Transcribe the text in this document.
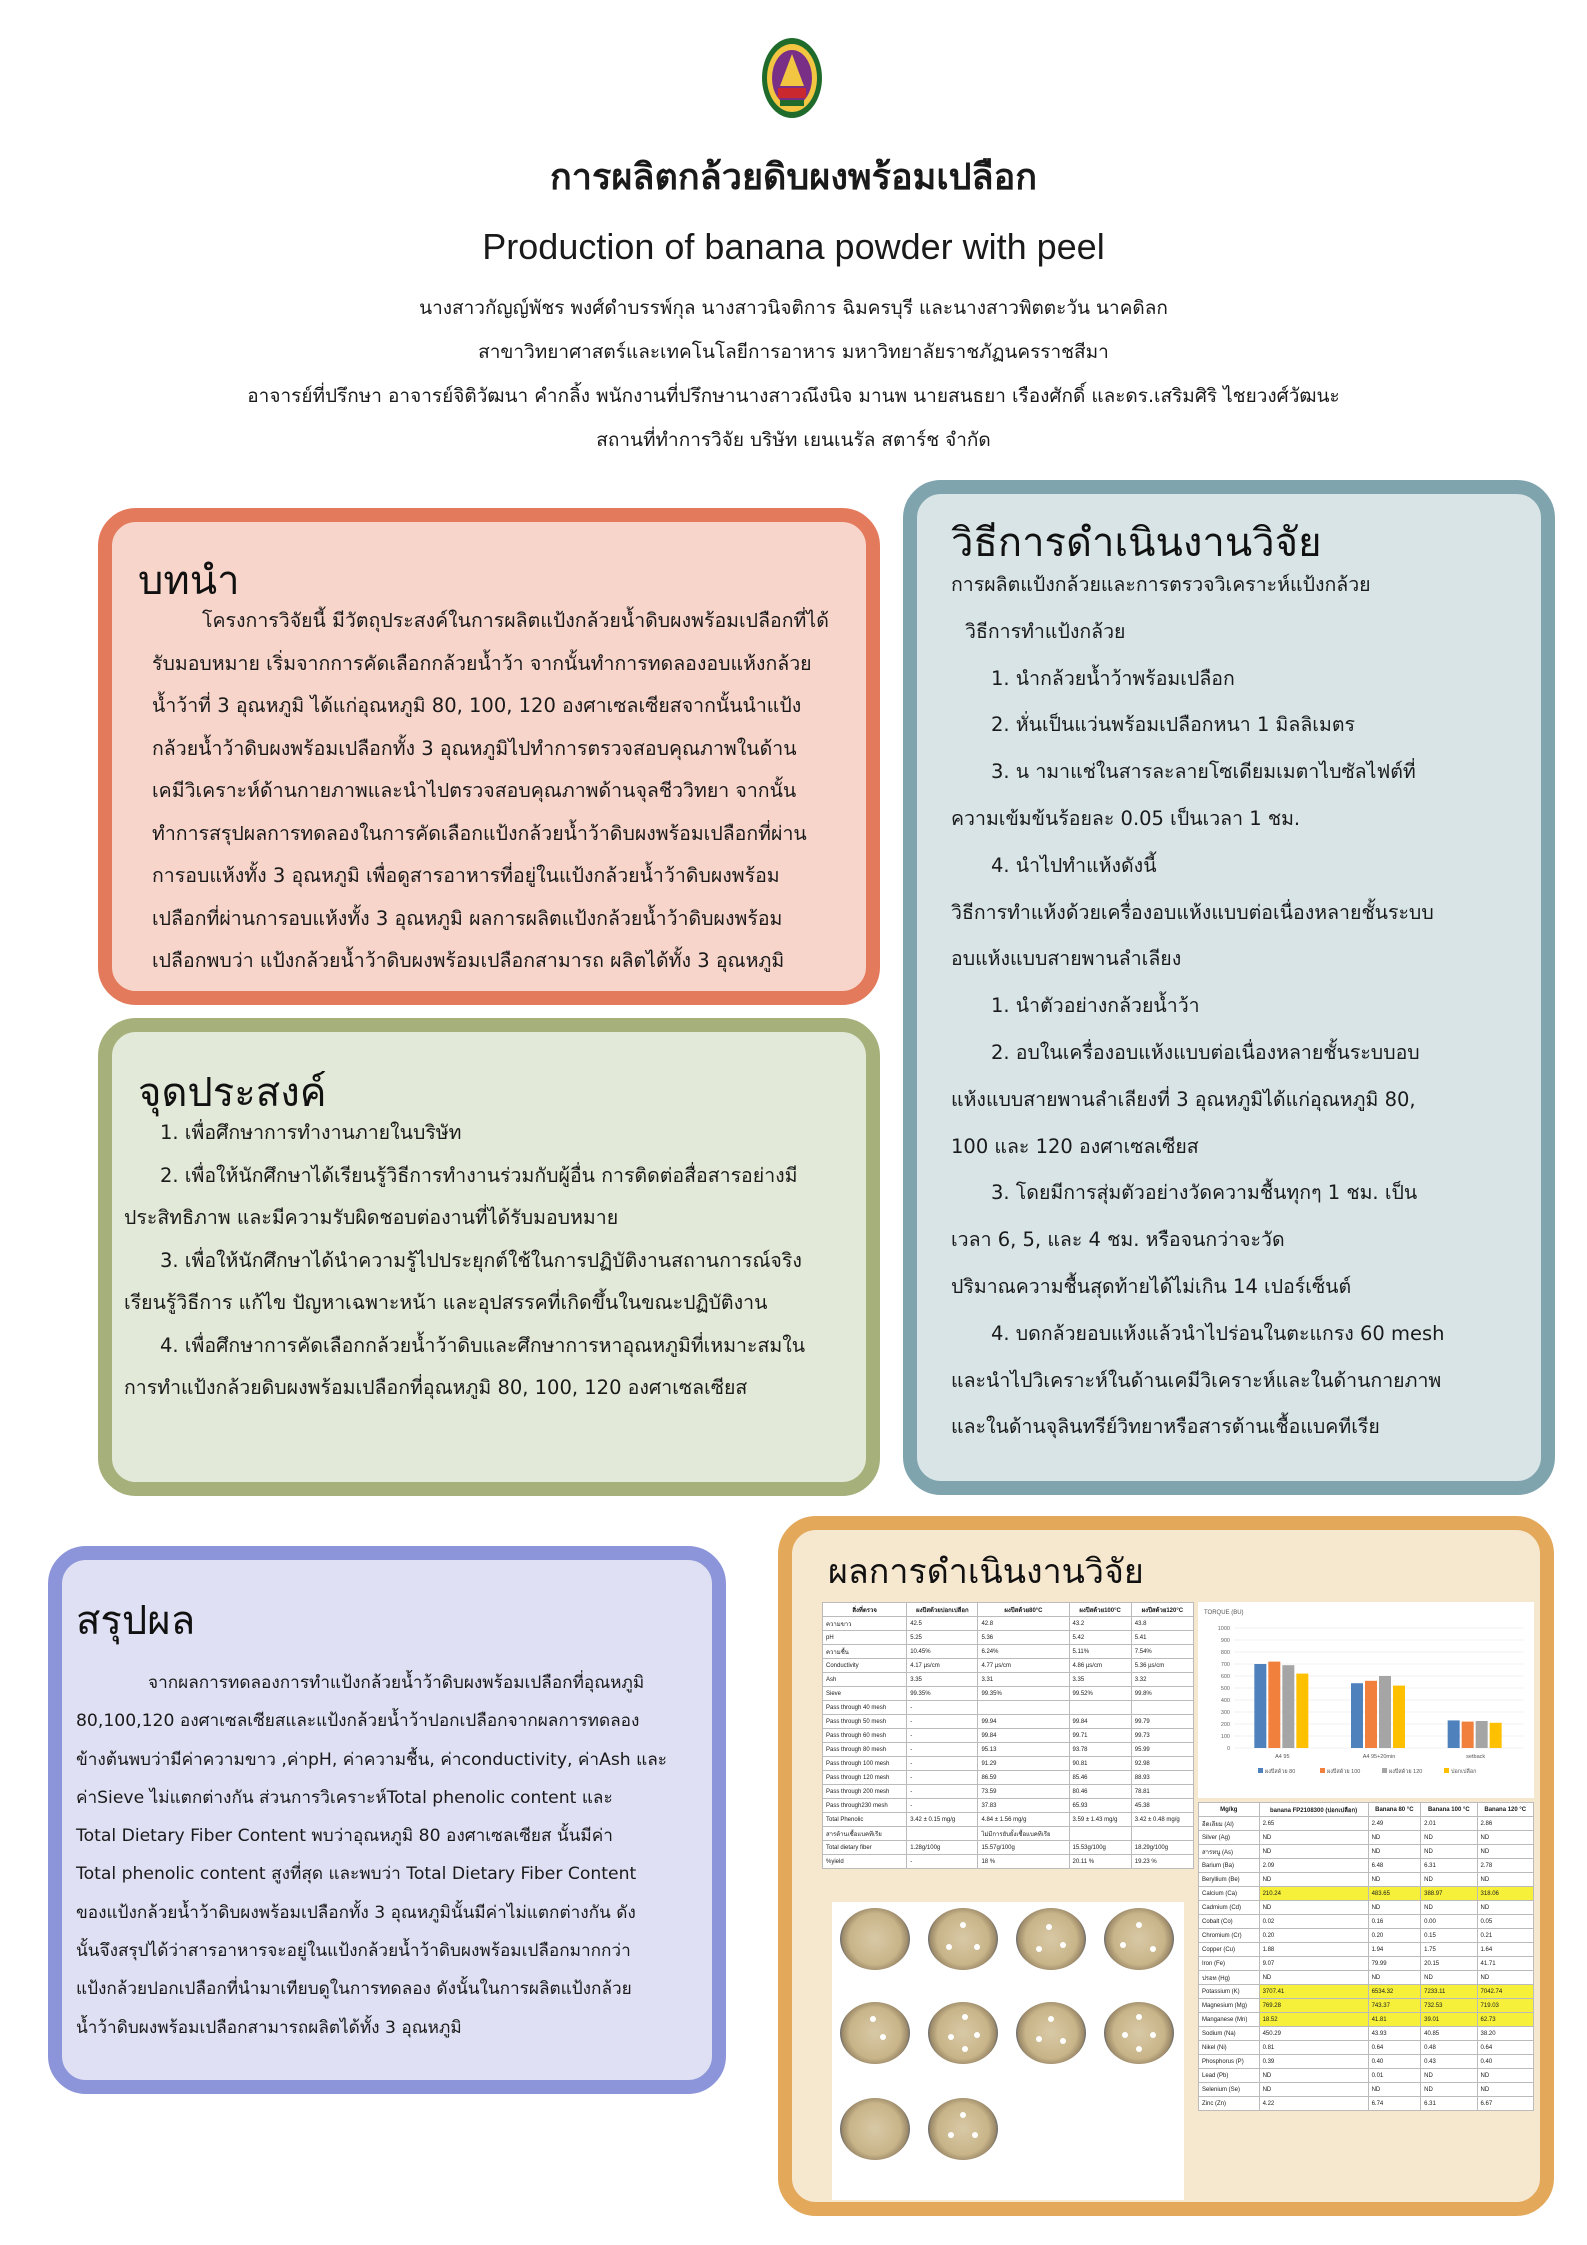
การผลิตกล้วยดิบผงพร้อมเปลือก
Production of banana powder with peel
นางสาวกัญญ์พัชร พงศ์ดำบรรพ์กุล นางสาวนิจติการ ฉิมครบุรี และนางสาวพิตตะวัน นาคดิลก
สาขาวิทยาศาสตร์และเทคโนโลยีการอาหาร มหาวิทยาลัยราชภัฏนครราชสีมา
อาจารย์ที่ปรึกษา อาจารย์จิติวัฒนา คำกลิ้ง พนักงานที่ปรึกษานางสาวณึงนิจ มานพ นายสนธยา เรืองศักดิ์ และดร.เสริมศิริ ไชยวงศ์วัฒนะ
สถานที่ทำการวิจัย บริษัท เยนเนรัล สตาร์ช จำกัด
บทนำ

โครงการวิจัยนี้ มีวัตถุประสงค์ในการผลิตแป้งกล้วยน้ำดิบผงพร้อมเปลือกที่ได้

รับมอบหมาย เริ่มจากการคัดเลือกกล้วยน้ำว้า จากนั้นทำการทดลองอบแห้งกล้วย

น้ำว้าที่ 3 อุณหภูมิ ได้แก่อุณหภูมิ 80, 100, 120 องศาเซลเซียสจากนั้นนำแป้ง

กล้วยน้ำว้าดิบผงพร้อมเปลือกทั้ง 3 อุณหภูมิไปทำการตรวจสอบคุณภาพในด้าน

เคมีวิเคราะห์ด้านกายภาพและนำไปตรวจสอบคุณภาพด้านจุลชีววิทยา จากนั้น

ทำการสรุปผลการทดลองในการคัดเลือกแป้งกล้วยน้ำว้าดิบผงพร้อมเปลือกที่ผ่าน

การอบแห้งทั้ง 3 อุณหภูมิ เพื่อดูสารอาหารที่อยู่ในแป้งกล้วยน้ำว้าดิบผงพร้อม

เปลือกที่ผ่านการอบแห้งทั้ง 3 อุณหภูมิ ผลการผลิตแป้งกล้วยน้ำว้าดิบผงพร้อม

เปลือกพบว่า แป้งกล้วยน้ำว้าดิบผงพร้อมเปลือกสามารถ ผลิตได้ทั้ง 3 อุณหภูมิ

จุดประสงค์

1. เพื่อศึกษาการทำงานภายในบริษัท

2. เพื่อให้นักศึกษาได้เรียนรู้วิธีการทำงานร่วมกับผู้อื่น การติดต่อสื่อสารอย่างมี

ประสิทธิภาพ และมีความรับผิดชอบต่องานที่ได้รับมอบหมาย

3. เพื่อให้นักศึกษาได้นำความรู้ไปประยุกต์ใช้ในการปฏิบัติงานสถานการณ์จริง

เรียนรู้วิธีการ แก้ไข ปัญหาเฉพาะหน้า และอุปสรรคที่เกิดขึ้นในขณะปฏิบัติงาน

4. เพื่อศึกษาการคัดเลือกกล้วยน้ำว้าดิบและศึกษาการหาอุณหภูมิที่เหมาะสมใน

การทำแป้งกล้วยดิบผงพร้อมเปลือกที่อุณหภูมิ 80, 100, 120 องศาเซลเซียส

วิธีการดำเนินงานวิจัย

การผลิตแป้งกล้วยและการตรวจวิเคราะห์แป้งกล้วย

วิธีการทำแป้งกล้วย

1. นำกล้วยน้ำว้าพร้อมเปลือก

2. หั่นเป็นแว่นพร้อมเปลือกหนา 1 มิลลิเมตร

3. น ามาแช่ในสารละลายโซเดียมเมตาไบซัลไฟต์ที่

ความเข้มข้นร้อยละ 0.05 เป็นเวลา 1 ชม.

4. นำไปทำแห้งดังนี้

วิธีการทำแห้งด้วยเครื่องอบแห้งแบบต่อเนื่องหลายชั้นระบบ

อบแห้งแบบสายพานลำเลียง

1. นำตัวอย่างกล้วยน้ำว้า

2. อบในเครื่องอบแห้งแบบต่อเนื่องหลายชั้นระบบอบ

แห้งแบบสายพานลำเลียงที่ 3 อุณหภูมิได้แก่อุณหภูมิ 80,

100 และ 120 องศาเซลเซียส

3. โดยมีการสุ่มตัวอย่างวัดความชื้นทุกๆ 1 ชม. เป็น

เวลา 6, 5, และ 4 ชม. หรือจนกว่าจะวัด

ปริมาณความชื้นสุดท้ายได้ไม่เกิน 14 เปอร์เซ็นต์

4. บดกล้วยอบแห้งแล้วนำไปร่อนในตะแกรง 60 mesh

และนำไปวิเคราะห์ในด้านเคมีวิเคราะห์และในด้านกายภาพ

และในด้านจุลินทรีย์วิทยาหรือสารต้านเชื้อแบคทีเรีย

สรุปผล

จากผลการทดลองการทำแป้งกล้วยน้ำว้าดิบผงพร้อมเปลือกที่อุณหภูมิ

80,100,120 องศาเซลเซียสและแป้งกล้วยน้ำว้าปอกเปลือกจากผลการทดลอง

ข้างต้นพบว่ามีค่าความขาว ,ค่าpH, ค่าความชื้น, ค่าconductivity, ค่าAsh และ

ค่าSieve ไม่แตกต่างกัน ส่วนการวิเคราะห์Total phenolic content และ

Total Dietary Fiber Content พบว่าอุณหภูมิ 80 องศาเซลเซียส นั้นมีค่า

Total phenolic content สูงที่สุด และพบว่า Total Dietary Fiber Content

ของแป้งกล้วยน้ำว้าดิบผงพร้อมเปลือกทั้ง 3 อุณหภูมินั้นมีค่าไม่แตกต่างกัน ดัง

นั้นจึงสรุปได้ว่าสารอาหารจะอยู่ในแป้งกล้วยน้ำว้าดิบผงพร้อมเปลือกมากกว่า

แป้งกล้วยปอกเปลือกที่นำมาเทียบดูในการทดลอง ดังนั้นในการผลิตแป้งกล้วย

น้ำว้าดิบผงพร้อมเปลือกสามารถผลิตได้ทั้ง 3 อุณหภูมิ

ผลการดำเนินงานวิจัย
สิ่งที่ตรวจ	ผงปีสด้วยปอกเปลือก	ผงปีสด้วย80°C	ผงปีสด้วย100°C	ผงปีสด้วย120°C
ความขาว	42.5	42.8	43.2	43.8
pH	5.25	5.36	5.42	5.41
ความชื้น	10.45%	6.24%	5.11%	7.54%
Conductivity	4.17 µs/cm	4.77 µs/cm	4.86 µs/cm	5.36 µs/cm
Ash	3.35	3.31	3.35	3.32
Sieve	99.35%	99.35%	99.52%	99.8%
Pass through 40 mesh	-			
Pass through 50 mesh	-	99.94	99.84	99.79
Pass through 60 mesh	-	99.84	99.71	99.73
Pass through 80 mesh	-	95.13	93.78	95.99
Pass through 100 mesh	-	91.29	90.81	92.98
Pass through 120 mesh	-	86.59	85.46	88.93
Pass through 200 mesh	-	73.59	80.46	78.81
Pass through230 mesh	-	37.83	65.93	45.38
Total Phenolic	3.42 ± 0.15 mg/g	4.84 ± 1.56 mg/g	3.59 ± 1.43 mg/g	3.42 ± 0.48 mg/g
สารต้านเชื้อแบคทีเรีย		ไม่มีการยับยั้งเชื้อแบคทีเรีย		
Total dietary fiber	1.28g/100g	15.57g/100g	15.53g/100g	18.29g/100g
%yield	-	18 %	20.11 %	19.23 %
TORQUE (BU)
0
100
200
300
400
500
600
700
800
900
1000
A4 95	A4 95+20min	setback
ผงปีสด้วย 80	ผงปีสด้วย 100	ผงปีสด้วย 120	ปอกเปลือก
Mg/kg	banana FP2108300 (ปอกเปลือก)	Banana 80 °C	Banana 100 °C	Banana 120 °C
อีดเลียม (Al)	2.65	2.49	2.01	2.86
Silver (Ag)	ND	ND	ND	ND
สารหนู (As)	ND	ND	ND	ND
Barium (Ba)	2.09	6.48	6.31	2.78
Beryllium (Be)	ND	ND	ND	ND
Calcium (Ca)	210.24	483.65	388.97	318.06
Cadmium (Cd)	ND	ND	ND	ND
Cobalt (Co)	0.02	0.16	0.00	0.05
Chromium (Cr)	0.20	0.20	0.15	0.21
Copper (Cu)	1.88	1.94	1.75	1.64
Iron (Fe)	9.07	79.99	20.15	41.71
ปรอท (Hg)	ND	ND	ND	ND
Potassium (K)	3707.41	6534.32	7233.11	7042.74
Magnesium (Mg)	769.28	743.37	732.53	719.03
Manganese (Mn)	18.52	41.81	39.01	62.73
Sodium (Na)	450.29	43.93	40.85	38.20
Nikel (Ni)	0.81	0.64	0.48	0.64
Phosphorus (P)	0.39	0.40	0.43	0.40
Lead (Pb)	ND	0.01	ND	ND
Selenium (Se)	ND	ND	ND	ND
Zinc (Zn)	4.22	6.74	6.31	6.67
